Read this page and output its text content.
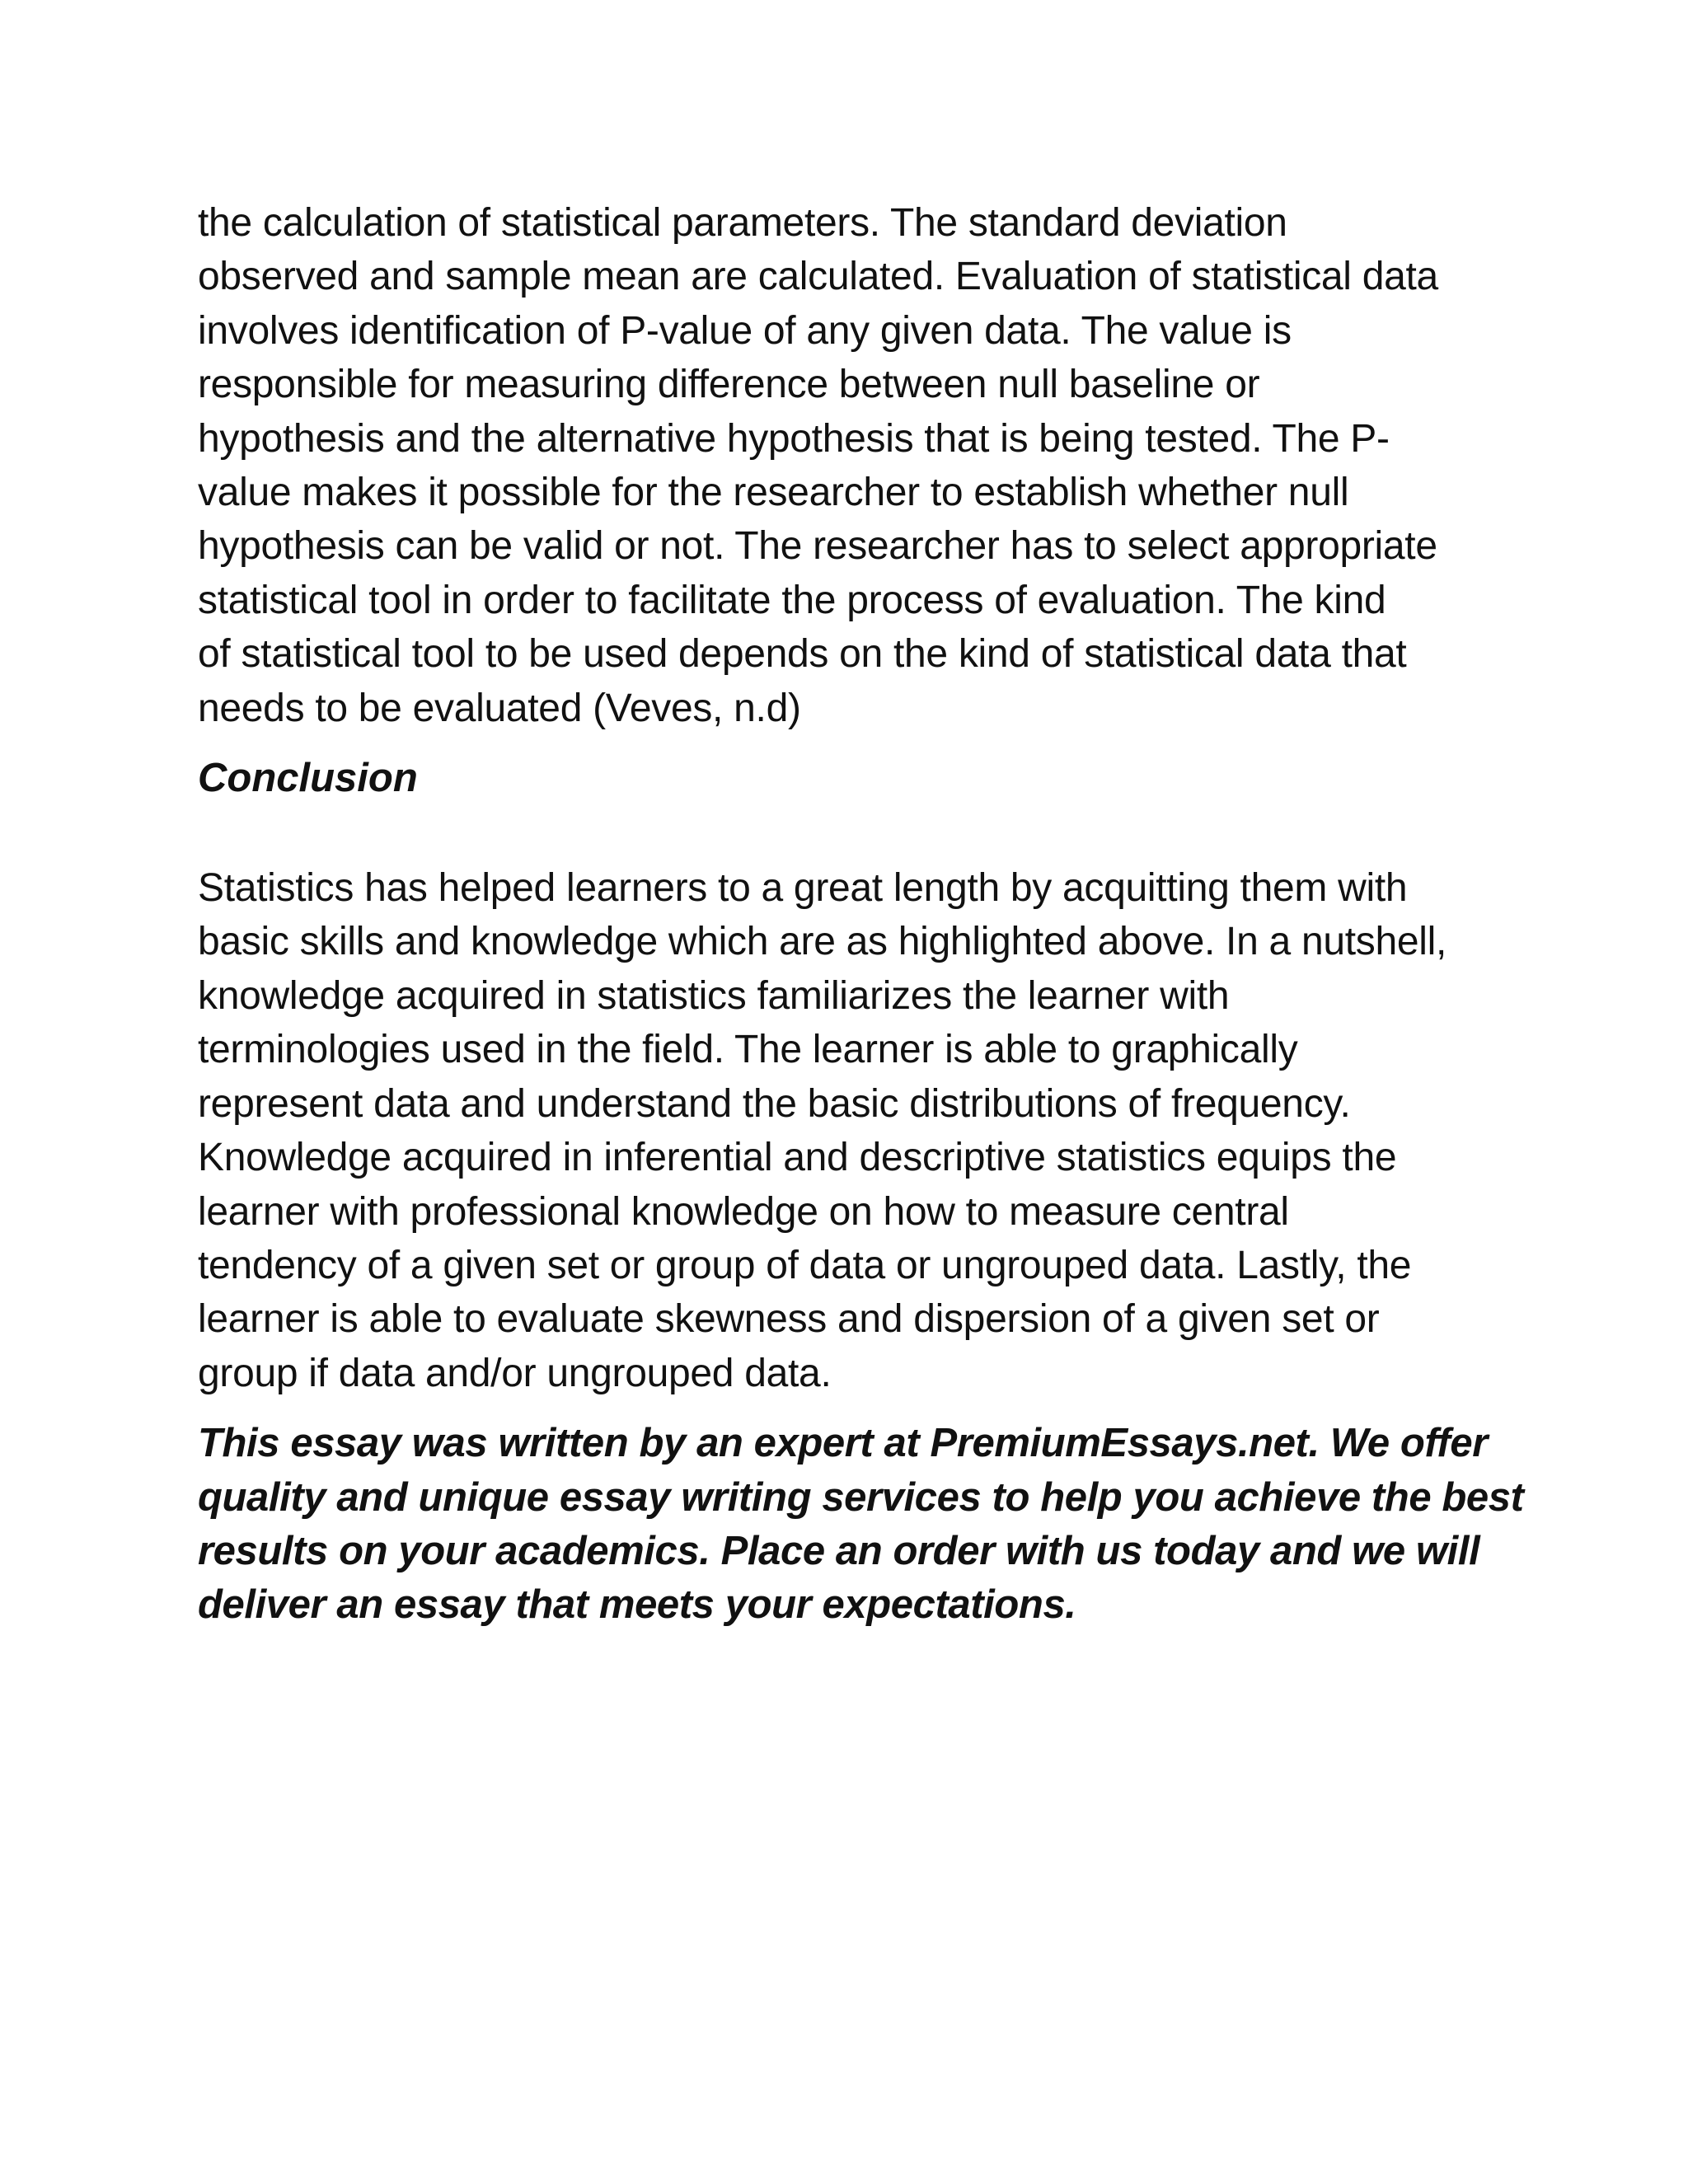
the calculation of statistical parameters. The standard deviation
observed and sample mean are calculated. Evaluation of statistical data
involves identification of P-value of any given data. The value is
responsible for measuring difference between null baseline or
hypothesis and the alternative hypothesis that is being tested. The P-
value makes it possible for the researcher to establish whether null
hypothesis can be valid or not. The researcher has to select appropriate
statistical tool in order to facilitate the process of evaluation. The kind
of statistical tool to be used depends on the kind of statistical data that
needs to be evaluated (Veves, n.d)

Conclusion

Statistics has helped learners to a great length by acquitting them with
basic skills and knowledge which are as highlighted above. In a nutshell,
knowledge acquired in statistics familiarizes the learner with
terminologies used in the field. The learner is able to graphically
represent data and understand the basic distributions of frequency.
Knowledge acquired in inferential and descriptive statistics equips the
learner with professional knowledge on how to measure central
tendency of a given set or group of data or ungrouped data. Lastly, the
learner is able to evaluate skewness and dispersion of a given set or
group if data and/or ungrouped data.

This essay was written by an expert at PremiumEssays.net. We offer
quality and unique essay writing services to help you achieve the best
results on your academics. Place an order with us today and we will
deliver an essay that meets your expectations.
